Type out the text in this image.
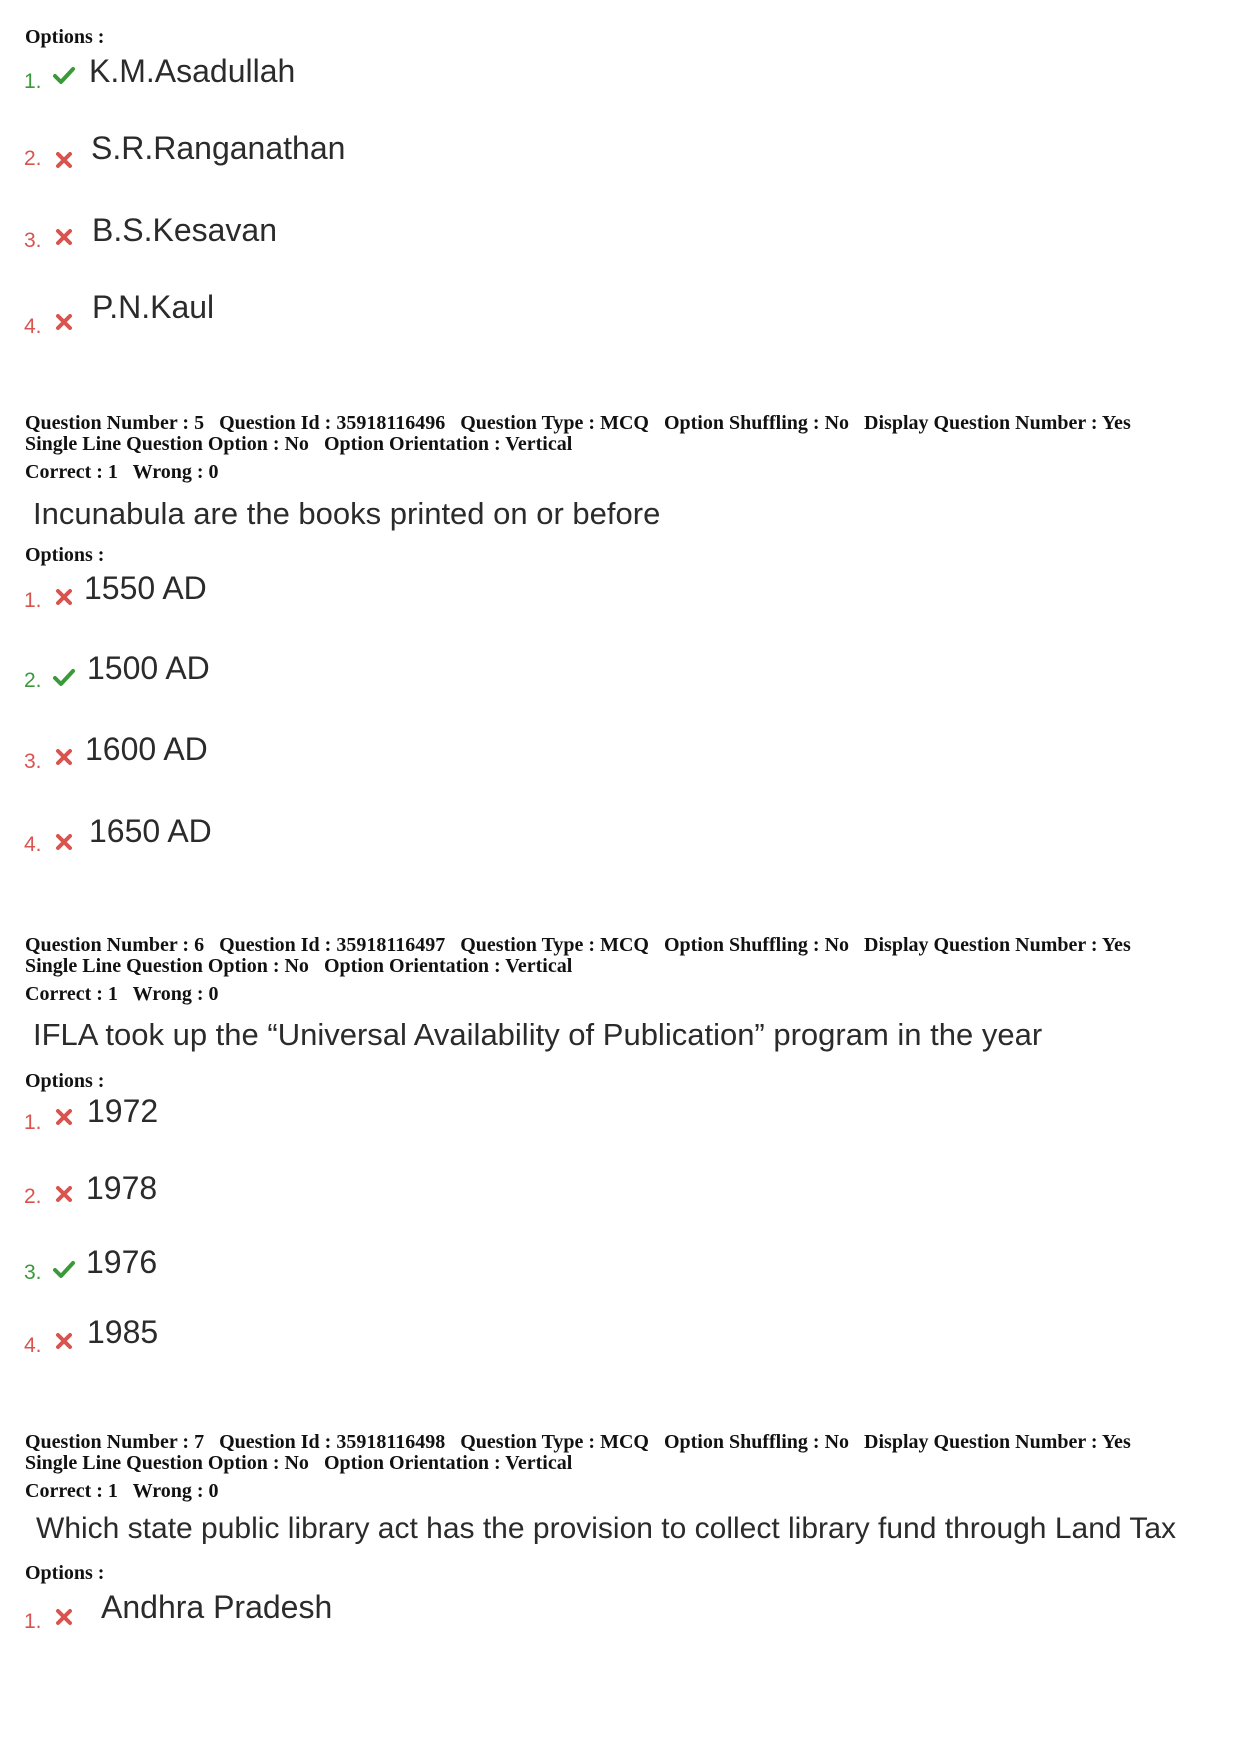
Options :
1. K.M.Asadullah
2. S.R.Ranganathan
3. B.S.Kesavan
4.
P.N.Kaul
Question Number : 5 Question Id : 35918116496 Question Type : MCQ Option Shuffling : No Display Question Number : Yes
Single Line Question Option : No Option Orientation : Vertical
Correct : 1 Wrong : 0
Incunabula are the books printed on or before
Options :
1. 1550 AD
2. 1500 AD
3. 1600 AD
4. 1650 AD
Question Number : 6 Question Id : 35918116497 Question Type : MCQ Option Shuffling : No Display Question Number : Yes
Single Line Question Option : No Option Orientation : Vertical
Correct : 1 Wrong : 0
IFLA took up the “Universal Availability of Publication” program in the year
Options :
1. 1972
2. 1978
3. 1976
4. 1985
Question Number : 7 Question Id : 35918116498 Question Type : MCQ Option Shuffling : No Display Question Number : Yes
Single Line Question Option : No Option Orientation : Vertical
Correct : 1 Wrong : 0
Which state public library act has the provision to collect library fund through Land Tax
Options :
1. Andhra Pradesh
